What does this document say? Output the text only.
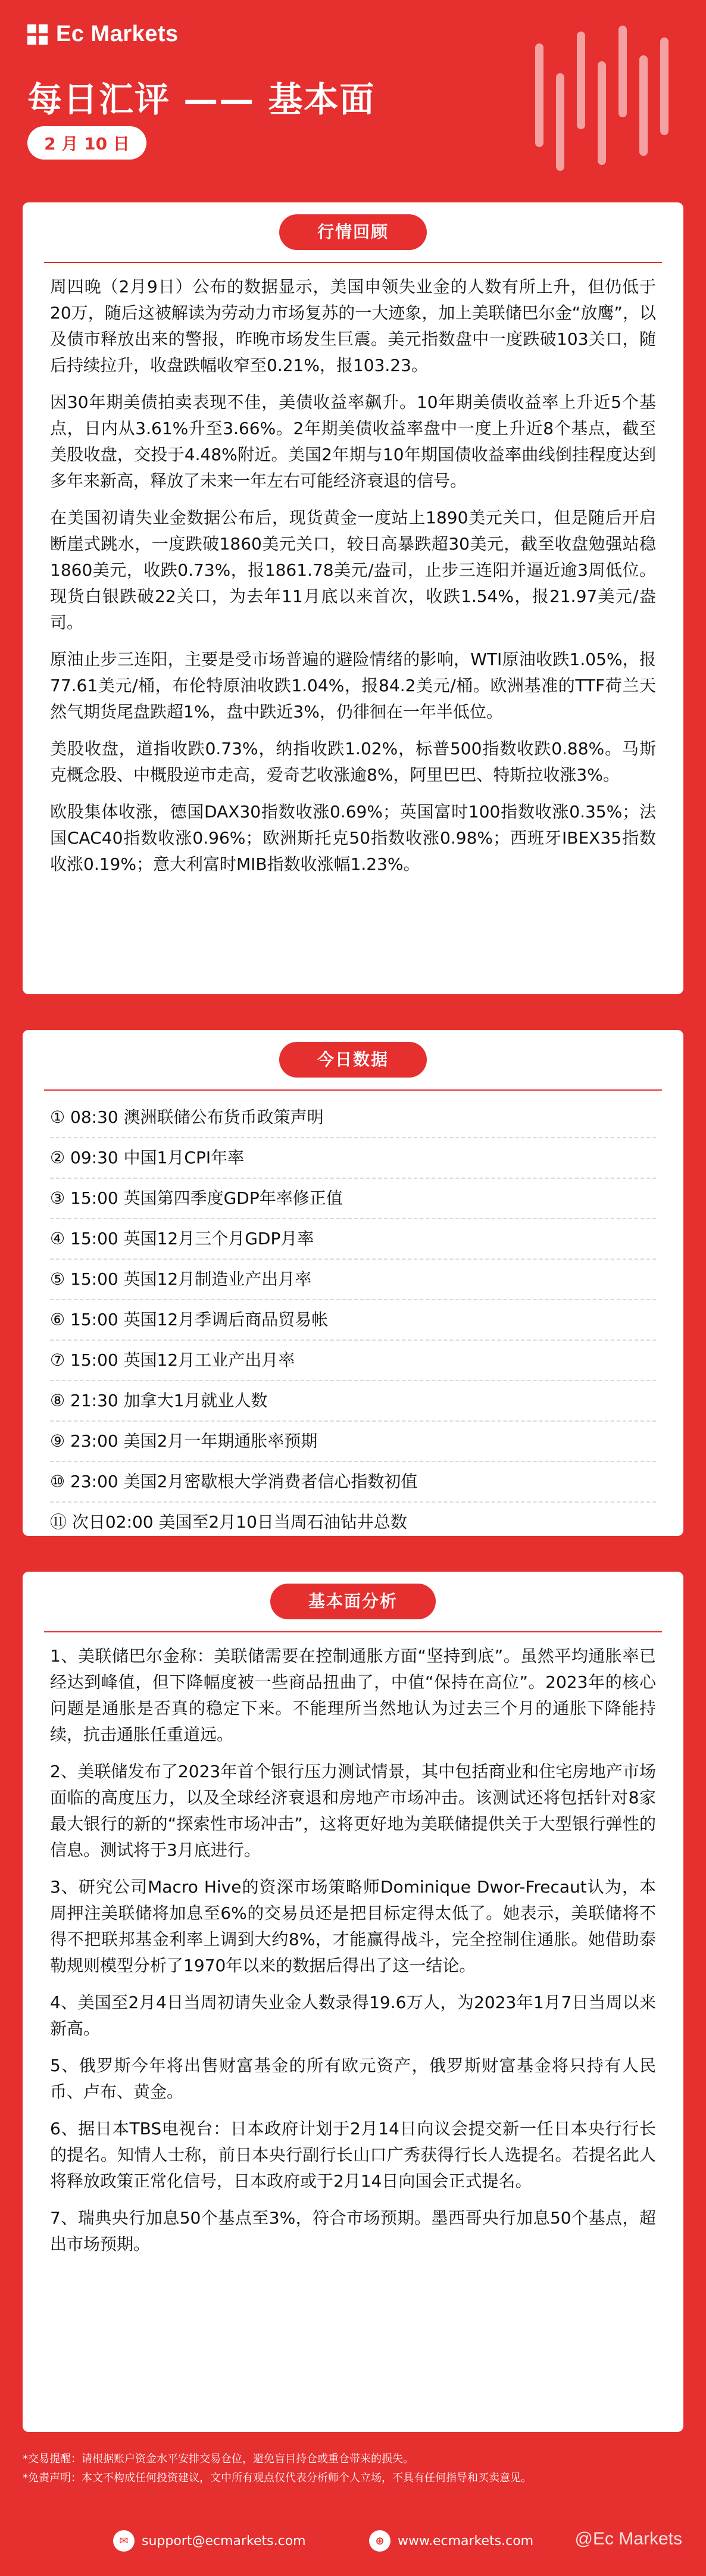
Ec Markets
每日汇评 —— 基本面
2 月 10 日
行情回顾

周四晚（2月9日）公布的数据显示，美国申领失业金的人数有所上升，但仍低于20万，随后这被解读为劳动力市场复苏的一大迹象，加上美联储巴尔金“放鹰”，以及债市释放出来的警报，昨晚市场发生巨震。美元指数盘中一度跌破103关口，随后持续拉升，收盘跌幅收窄至0.21%，报103.23。

因30年期美债拍卖表现不佳，美债收益率飙升。10年期美债收益率上升近5个基点，日内从3.61%升至3.66%。2年期美债收益率盘中一度上升近8个基点，截至美股收盘，交投于4.48%附近。美国2年期与10年期国债收益率曲线倒挂程度达到多年来新高，释放了未来一年左右可能经济衰退的信号。

在美国初请失业金数据公布后，现货黄金一度站上1890美元关口，但是随后开启断崖式跳水，一度跌破1860美元关口，较日高暴跌超30美元，截至收盘勉强站稳1860美元，收跌0.73%，报1861.78美元/盎司，止步三连阳并逼近逾3周低位。现货白银跌破22关口，为去年11月底以来首次，收跌1.54%，报21.97美元/盎司。

原油止步三连阳，主要是受市场普遍的避险情绪的影响，WTI原油收跌1.05%，报77.61美元/桶，布伦特原油收跌1.04%，报84.2美元/桶。欧洲基准的TTF荷兰天然气期货尾盘跌超1%，盘中跌近3%，仍徘徊在一年半低位。

美股收盘，道指收跌0.73%，纳指收跌1.02%，标普500指数收跌0.88%。马斯克概念股、中概股逆市走高，爱奇艺收涨逾8%，阿里巴巴、特斯拉收涨3%。

欧股集体收涨，德国DAX30指数收涨0.69%；英国富时100指数收涨0.35%；法国CAC40指数收涨0.96%；欧洲斯托克50指数收涨0.98%；西班牙IBEX35指数收涨0.19%；意大利富时MIB指数收涨幅1.23%。

今日数据
① 08:30 澳洲联储公布货币政策声明
② 09:30 中国1月CPI年率
③ 15:00 英国第四季度GDP年率修正值
④ 15:00 英国12月三个月GDP月率
⑤ 15:00 英国12月制造业产出月率
⑥ 15:00 英国12月季调后商品贸易帐
⑦ 15:00 英国12月工业产出月率
⑧ 21:30 加拿大1月就业人数
⑨ 23:00 美国2月一年期通胀率预期
⑩ 23:00 美国2月密歇根大学消费者信心指数初值
⑪ 次日02:00 美国至2月10日当周石油钻井总数
基本面分析

1、美联储巴尔金称：美联储需要在控制通胀方面“坚持到底”。虽然平均通胀率已经达到峰值，但下降幅度被一些商品扭曲了，中值“保持在高位”。2023年的核心问题是通胀是否真的稳定下来。不能理所当然地认为过去三个月的通胀下降能持续，抗击通胀任重道远。

2、美联储发布了2023年首个银行压力测试情景，其中包括商业和住宅房地产市场面临的高度压力，以及全球经济衰退和房地产市场冲击。该测试还将包括针对8家最大银行的新的“探索性市场冲击”，这将更好地为美联储提供关于大型银行弹性的信息。测试将于3月底进行。

3、研究公司Macro Hive的资深市场策略师Dominique Dwor-Frecaut认为，本周押注美联储将加息至6%的交易员还是把目标定得太低了。她表示，美联储将不得不把联邦基金利率上调到大约8%，才能赢得战斗，完全控制住通胀。她借助泰勒规则模型分析了1970年以来的数据后得出了这一结论。

4、美国至2月4日当周初请失业金人数录得19.6万人，为2023年1月7日当周以来新高。

5、俄罗斯今年将出售财富基金的所有欧元资产，俄罗斯财富基金将只持有人民币、卢布、黄金。

6、据日本TBS电视台：日本政府计划于2月14日向议会提交新一任日本央行行长的提名。知情人士称，前日本央行副行长山口广秀获得行长人选提名。若提名此人将释放政策正常化信号，日本政府或于2月14日向国会正式提名。

7、瑞典央行加息50个基点至3%，符合市场预期。墨西哥央行加息50个基点，超出市场预期。

*交易提醒：请根据账户资金水平安排交易仓位，避免盲目持仓或重仓带来的损失。
*免责声明：本文不构成任何投资建议，文中所有观点仅代表分析师个人立场，不具有任何指导和买卖意见。
✉	support@ecmarkets.com	⊕	www.ecmarkets.com @Ec Markets
